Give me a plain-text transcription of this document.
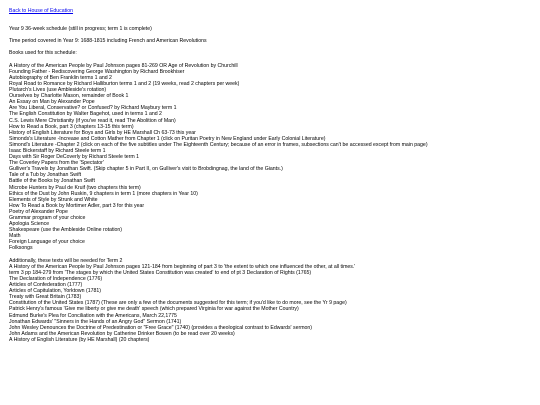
Back to House of Education
Year 9 36-week schedule (still in progress; term 1 is complete)
Time period covered in Year 9: 1688-1815 including French and American Revolutions
Books used for this schedule:
A History of the American People by Paul Johnson pages 81-269 OR Age of Revolution by Churchill
Founding Father - Rediscovering George Washington by Richard Brookhiser
Autobiography of Ben Franklin terms 1 and 2
Royal Road to Romance by Richard Halliburton terms 1 and 2 (19 weeks, read 2 chapters per week)
Plutarch's Lives (use Ambleside's rotation)
Ourselves by Charlotte Mason, remainder of Book 1
An Essay on Man by Alexander Pope
Are You Liberal, Conservative? or Confused? by Richard Maybury term 1
The English Constitution by Walter Bagehot, used in terms 1 and 2
C.S. Lewis Mere Christianity (if you've read it, read The Abolition of Man)
How to Read a Book, part 3 (chapters 13-15 this term)
History of English Literature for Boys and Girls by HE Marshall Ch 63-73 this year
Simonds's Literature -Increase and Cotton Mather from Chapter 1 (click on Puritan Poetry in New England under Early Colonial Literature)
Simond's Literature -Chapter 2 (click on each of the five subtitles under The Eighteenth Century; because of an error in frames, subsections can't be accessed except from main page)
Isaac Bickerstaff by Richard Steele term 1
Days with Sir Roger DeCoverly by Richard Steele term 1
The Coverley Papers from the 'Spectator'
Gulliver's Travels by Jonathan Swift. (Skip chapter 5 in Part II, on Gulliver's visit to Brobdingnag, the land of the Giants.)
Tale of a Tub by Jonathan Swift
Battle of the Books by Jonathan Swift
Microbe Hunters by Paul de Kruif (two chapters this term)
Ethics of the Dust by John Ruskin, 9 chapters in term 1 (more chapters in Year 10)
Elements of Style by Strunk and White
How To Read a Book by Mortimer Adler, part 3 for this year
Poetry of Alexander Pope
Grammar program of your choice
Apologia Science
Shakespeare (use the Ambleside Online rotation)
Math
Foreign Language of your choice
Folksongs
Additionally, these texts will be needed for Term 2
A History of the American People by Paul Johnson pages 121-184 from beginning of part 3 to 'the extent to which one influenced the other, at all times.'
term 3 pp 184-279 from 'The stages by which the United States Constitution was created' to end of pt 3 Declaration of Rights (1765)
The Declaration of Independence (1776)
Articles of Confederation (1777)
Articles of Capitulation, Yorktown (1781)
Treaty with Great Britain (1783)
Constitution of the United States (1787) (These are only a few of the documents suggested for this term; if you'd like to do more, see the Yr 9 page)
Patrick Henry's famous 'Give me liberty or give me death' speech (which prepared Virginia for war against the Mother Country)
Edmund Burke's Plea for Conciliation with the Americans, March 22,1775
Jonathan Edwards' "Sinners in the Hands of an Angry God" Sermon (1741)
John Wesley Denounces the Doctrine of Predestination or "Free Grace" (1740) (provides a theological contrast to Edwards' sermon)
John Adams and the American Revolution by Catherine Drinker Bowen (to be read over 20 weeks)
A History of English Literature (by HE Marshall) (20 chapters)
